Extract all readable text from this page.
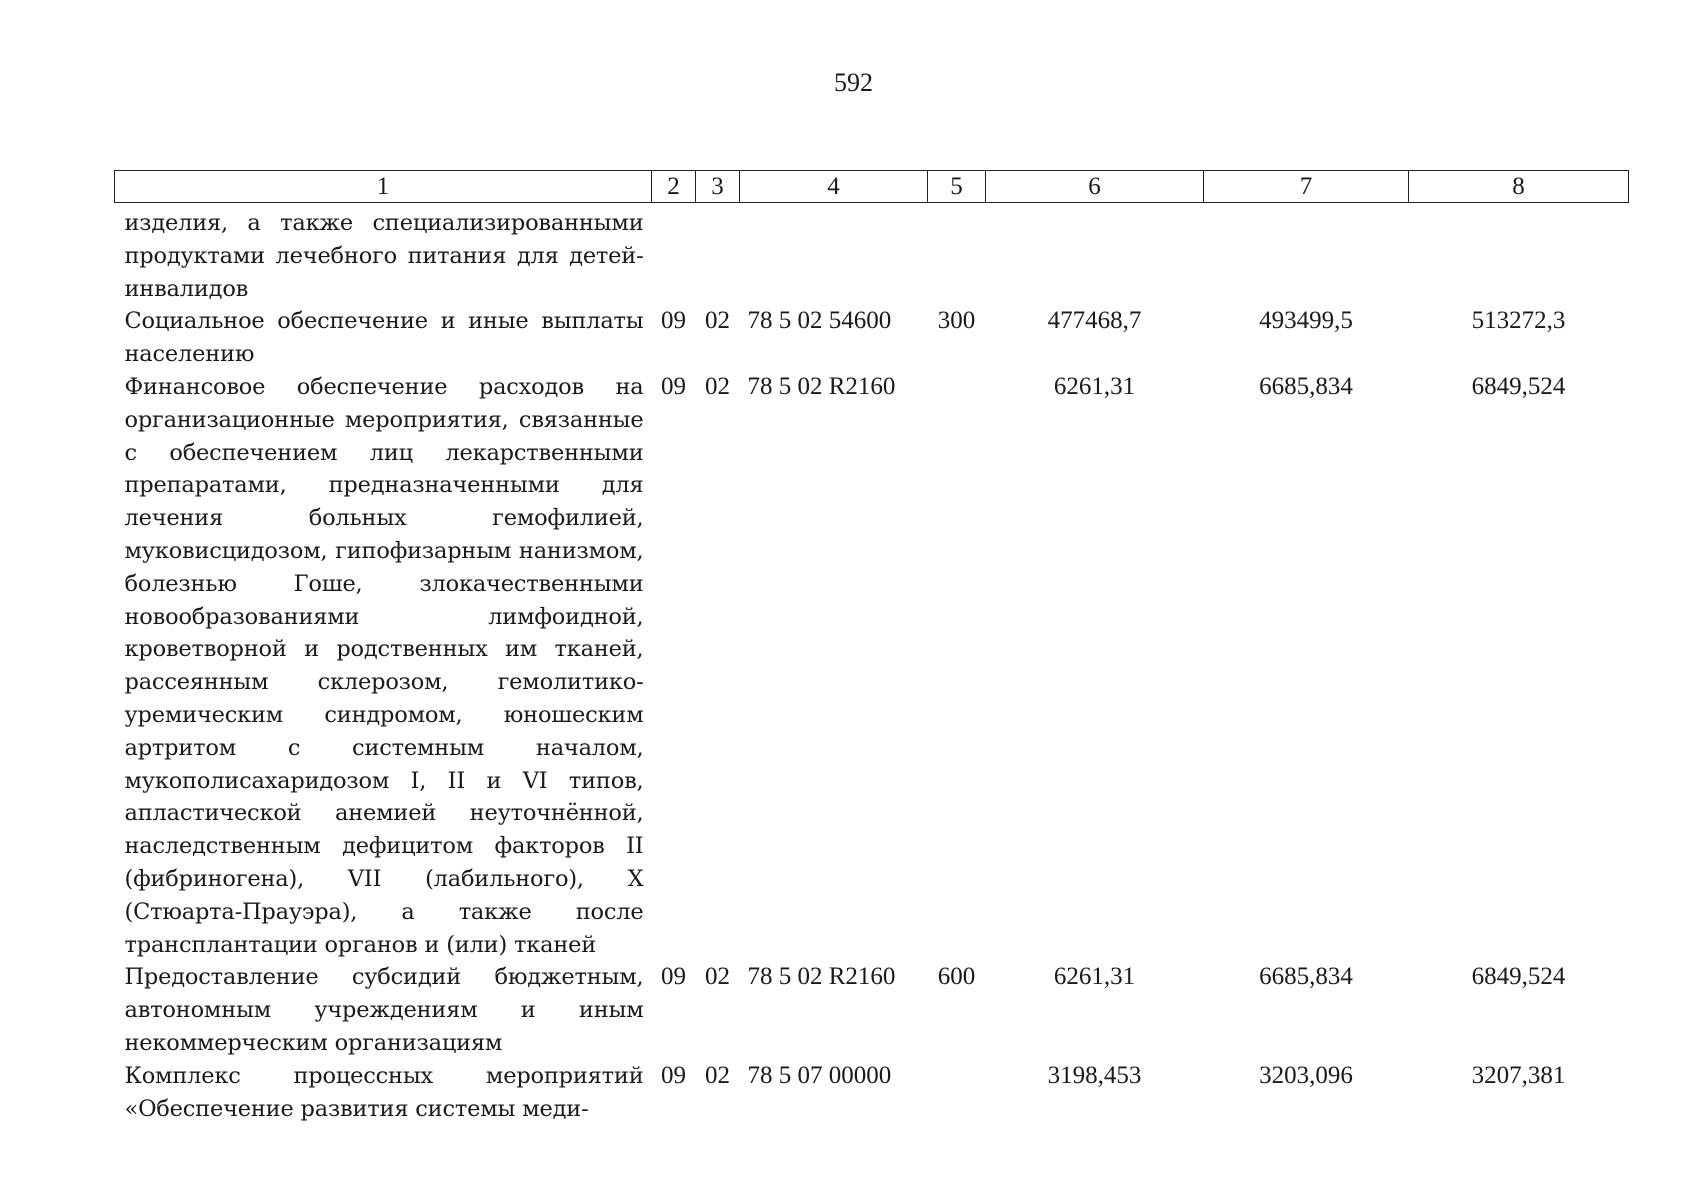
592
1	2	3	4	5	6	7	8
изделия, а также специализированными продуктами лечебного питания для детей-инвалидов							
Социальное обеспечение и иные выплаты населению	09	02	78 5 02 54600	300	477468,7	493499,5	513272,3
Финансовое обеспечение расходов на организационные мероприятия, связанные с обеспечением лиц лекарственными препаратами, предназначенными для лечения больных гемофилией, муковисцидозом, гипофизарным нанизмом, болезнью Гоше, злокачественными новообразованиями лимфоидной, кроветворной и родственных им тканей, рассеянным склерозом, гемолитико-уремическим синдромом, юношеским артритом с системным началом, мукополисахаридозом I, II и VI типов, апластической анемией неуточнённой, наследственным дефицитом факторов II (фибриногена), VII (лабильного), X (Стюарта-Прауэра), а также после трансплантации органов и (или) тканей	09	02	78 5 02 R2160		6261,31	6685,834	6849,524
Предоставление субсидий бюджетным, автономным учреждениям и иным некоммерческим организациям	09	02	78 5 02 R2160	600	6261,31	6685,834	6849,524
Комплекс процессных мероприятий «Обеспечение развития системы меди-	09	02	78 5 07 00000		3198,453	3203,096	3207,381
